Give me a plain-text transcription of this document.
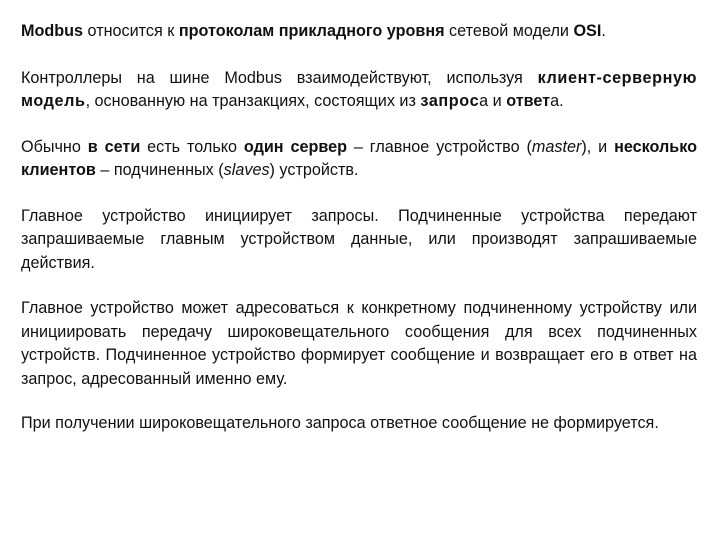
Modbus относится к протоколам прикладного уровня сетевой модели OSI.

Контроллеры на шине Modbus взаимодействуют, используя клиент-серверную модель, основанную на транзакциях, состоящих из запроса и ответа.

Обычно в сети есть только один сервер – главное устройство (master), и несколько клиентов – подчиненных (slaves) устройств.

Главное устройство инициирует запросы. Подчиненные устройства передают запрашиваемые главным устройством данные, или производят запрашиваемые действия.

Главное устройство может адресоваться к конкретному подчиненному устройству или инициировать передачу широковещательного сообщения для всех подчиненных устройств. Подчиненное устройство формирует сообщение и возвращает его в ответ на запрос, адресованный именно ему.

При получении широковещательного запроса ответное сообщение не формируется.
